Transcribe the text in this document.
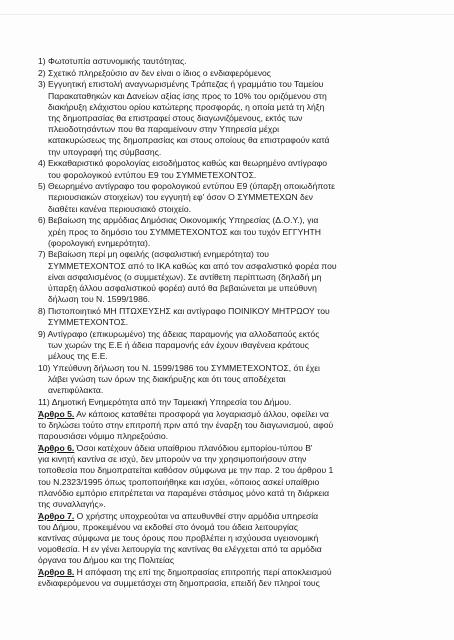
1) Φωτοτυπία αστυνομικής ταυτότητας.
2) Σχετικό πληρεξούσιο αν δεν είναι ο ίδιος ο ενδιαφερόμενος
3) Εγγυητική επιστολή αναγνωρισμένης Τράπεζας ή γραμμάτιο του Ταμείου
Παρακαταθηκών και Δανείων αξίας ίσης προς το 10% του οριζόμενου στη
διακήρυξη ελάχιστου ορίου κατώτερης προσφοράς, η οποία μετά τη λήξη
της δημοπρασίας θα επιστραφεί στους διαγωνιζόμενους, εκτός των
πλειοδοτησάντων που θα παραμείνουν στην Υπηρεσία μέχρι
κατακυρώσεως της δημοπρασίας και στους οποίους θα επιστραφούν κατά
την υπογραφή της σύμβασης.
4) Εκκαθαριστικό φορολογίας εισοδήματος καθώς και θεωρημένο αντίγραφο
του φορολογικού εντύπου Ε9 του ΣΥΜΜΕΤΕΧΟΝΤΟΣ.
5) Θεωρημένο αντίγραφο του φορολογικού εντύπου Ε9 (ύπαρξη οποιωδήποτε
περιουσιακών στοιχείων) του εγγυητή εφ' όσον Ο ΣΥΜΜΕΤΕΧΩΝ δεν
διαθέτει κανένα περιουσιακό στοιχείο.
6) Βεβαίωση της αρμόδιας Δημόσιας Οικονομικής Υπηρεσίας (Δ.Ο.Υ.), για
χρέη προς το δημόσιο του ΣΥΜΜΕΤΕΧΟΝΤΟΣ και του τυχόν ΕΓΓΥΗΤΗ
(φορολογική ενημερότητα).
7) Βεβαίωση περί μη οφειλής (ασφαλιστική ενημερότητα) του
ΣΥΜΜΕΤΕΧΟΝΤΟΣ από το ΙΚΑ καθώς και από τον ασφαλιστικό φορέα που
είναι ασφαλισμένος (ο συμμετέχων). Σε αντίθετη περίπτωση (δηλαδή μη
ύπαρξη άλλου ασφαλιστικού φορέα) αυτό θα βεβαιώνεται με υπεύθυνη
δήλωση του Ν. 1599/1986.
8) Πιστοποιητικό ΜΗ ΠΤΩΧΕΥΣΗΣ και αντίγραφο ΠΟΙΝΙΚΟΥ ΜΗΤΡΩΟΥ του
ΣΥΜΜΕΤΕΧΟΝΤΟΣ.
9) Αντίγραφο (επικυρωμένο) της άδειας παραμονής για αλλοδαπούς εκτός
των χωρών της Ε.Ε ή άδεια παραμονής εάν έχουν ιθαγένεια κράτους
μέλους της Ε.Ε.
10) Υπεύθυνη δήλωση του Ν. 1599/1986 του ΣΥΜΜΕΤΕΧΟΝΤΟΣ, ότι έχει
λάβει γνώση των όρων της διακήρυξης και ότι τους αποδέχεται
ανεπιφύλακτα.
11) Δημοτική Ενημερότητα από την Ταμειακή Υπηρεσία του Δήμου.
Άρθρο 5. Αν κάποιος καταθέτει προσφορά για λογαριασμό άλλου, οφείλει να
το δηλώσει τούτο στην επιτροπή πριν από την έναρξη του διαγωνισμού, αφού
παρουσιάσει νόμιμο πληρεξούσιο.
Άρθρο 6. Όσοι κατέχουν άδεια υπαίθριου πλανόδιου εμπορίου-τύπου Β'
για κινητή καντίνα σε ισχύ, δεν μπορούν να την χρησιμοποιήσουν στην
τοποθεσία που δημοπρατείται καθόσον σύμφωνα με την παρ. 2 του άρθρου 1
του Ν.2323/1995 όπως τροποποιήθηκε και ισχύει, «όποιος ασκεί υπαίθριο
πλανόδιο εμπόριο επιτρέπεται να παραμένει στάσιμος μόνο κατά τη διάρκεια
της συναλλαγής».
Άρθρο 7. Ο χρήστης υποχρεούται να απευθυνθεί στην αρμόδια υπηρεσία
του Δήμου, προκειμένου να εκδοθεί στο όνομά του άδεια λειτουργίας
καντίνας σύμφωνα με τους όρους που προβλέπει η ισχύουσα υγειονομική
νομοθεσία. Η εν γένει λειτουργία της καντίνας θα ελέγχεται από τα αρμόδια
όργανα του Δήμου και της Πολιτείας
Άρθρο 8. Η απόφαση της επί της δημοπρασίας επιτροπής περί αποκλεισμού
ενδιαφερόμενου να συμμετάσχει στη δημοπρασία, επειδή δεν πληροί τους
